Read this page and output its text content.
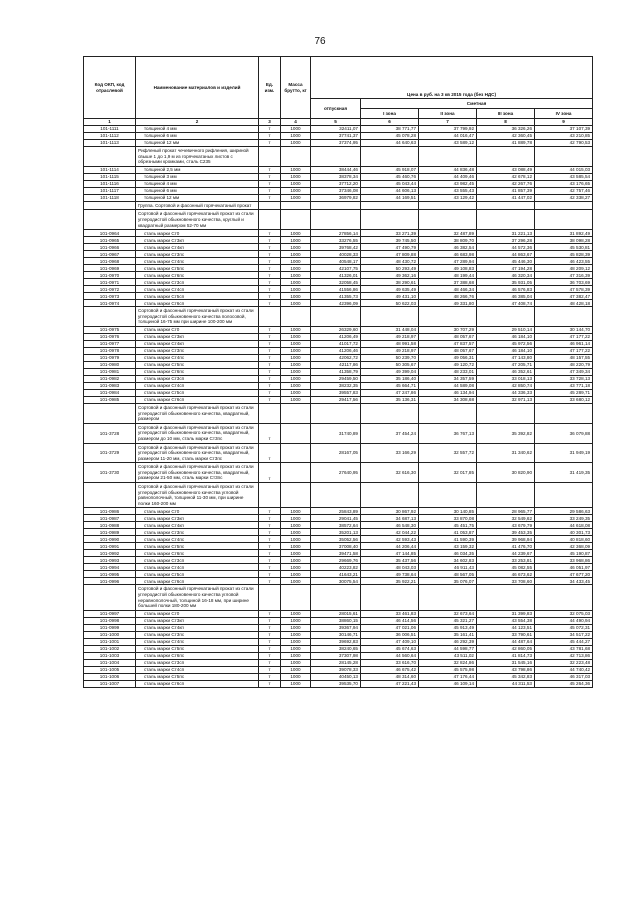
76
Код ОКП, код отраслевой	Наименование материалов и изделий	Ед. изм.	Масса брутто, кг	Цена в руб. на 3 кв 2015 года (без НДС)				
				отпускная	Сметная			
					I зона	II зона	III зона	IV зона
1	2	3	4	5	6	7	8	9
101-1111	толщиной 4 мм	т	1000	32411,07	38 771,77	37 799,92	36 326,26	37 107,39
101-1112	толщиной 6 мм	т	1000	37741,37	45 078,28	44 016,47	42 360,45	43 210,85
101-1113	толщиной 12 мм	т	1000	37374,95	44 640,63	43 589,12	41 889,78	42 790,53
	Рифленый прокат чечевичного рифления, шириной свыше 1 до 1,9 м из горячекатаных листов с обрезными кромками, сталь С235							
101-1114	толщиной 2,5 мм	т	1000	38444,46	45 918,07	44 836,48	43 088,49	44 015,03
101-1115	толщиной 3 мм	т	1000	38378,34	45 460,76	44 409,46	42 678,12	43 585,54
101-1116	толщиной 4 мм	т	1000	37712,20	45 043,44	43 982,45	42 267,76	43 176,65
101-1117	толщиной 6 мм	т	1000	37346,08	44 606,13	43 555,43	41 857,39	42 757,46
101-1118	толщиной 12 мм	т	1000	36979,82	44 169,51	43 129,42	41 447,02	42 338,27
	Группа. Сортовой и фасонный горячекатаный прокат							
	Сортовой и фасонный горячекатаный прокат из стали углеродистой обыкновенного качества, круглый и квадратный размером 52-70 мм							
101-0964	сталь марки Ст0	т	1000	27856,14	33 271,39	32 487,89	31 221,13	31 892,49
101-0965	сталь марки Ст3кп	т	1000	33276,55	39 745,50	38 809,70	37 296,28	38 098,28
101-0966	сталь марки Ст4кп	т	1000	39768,42	47 490,79	46 382,54	44 572,36	45 530,81
101-0967	сталь марки Ст3пс	т	1000	40028,33	47 809,88	46 683,98	44 863,67	45 828,39
101-0968	сталь марки Ст4пс	т	1000	40548,17	48 430,72	47 289,94	45 446,30	46 423,55
101-0969	сталь марки Ст5пс	т	1000	42107,75	50 293,49	49 108,83	47 194,28	48 209,12
101-0970	сталь марки Ст6пс	т	1000	41326,01	49 362,16	48 199,44	46 320,34	47 316,39
101-0971	сталь марки Ст3сп	т	1000	32058,45	38 290,61	37 388,68	35 931,05	36 703,69
101-0972	сталь марки Ст4сп	т	1000	41556,86	49 635,49	48 466,34	46 576,83	47 578,39
101-0973	сталь марки Ст5сп	т	1000	41355,73	49 431,10	48 266,76	46 385,04	47 382,47
101-0974	сталь марки Ст6сп	т	1000	42396,09	50 622,03	49 331,80	47 408,74	48 428,18
	Сортовой и фасонный горячекатаный прокат из стали углеродистой обыкновенного качества полосовой, толщиной 16-75 мм при ширине 100-200 мм							
101-0975	сталь марки Ст0	т	1000	26329,60	31 448,04	30 707,29	29 510,14	30 144,70
101-0976	сталь марки Ст3кп	т	1000	41206,49	49 218,97	48 057,67	46 184,10	47 177,22
101-0977	сталь марки Ст4кп	т	1000	41017,72	48 991,58	47 837,57	45 972,56	46 961,14
101-0978	сталь марки Ст3пс	т	1000	41206,46	49 218,97	48 057,67	46 184,10	47 177,22
101-0979	сталь марки Ст4пс	т	1000	42062,72	50 239,70	49 056,31	47 143,80	48 157,55
101-0980	сталь марки Ст5пс	т	1000	42117,86	50 305,67	49 120,72	47 205,71	48 220,79
101-0981	сталь марки Ст6пс	т	1000	41358,79	49 399,04	48 233,01	46 352,61	47 349,34
101-0982	сталь марки Ст3сп	т	1000	29459,50	35 186,40	34 357,59	33 018,13	33 728,13
101-0983	сталь марки Ст4сп	т	1000	38232,35	45 664,71	44 589,08	42 850,74	43 771,18
101-0984	сталь марки Ст5сп	т	1000	39557,83	47 247,86	46 134,94	44 336,33	45 289,71
101-0985	сталь марки Ст6сп	т	1000	29417,56	35 136,31	34 308,68	32 971,13	33 680,12
	Сортовой и фасонный горячекатаный прокат из стали углеродистой обыкновенного качества, квадратный, размером							
101-3728	Сортовой и фасонный горячекатаный прокат из стали углеродистой обыкновенного качества, квадратный, размером до 10 мм, сталь марки Ст3пс	т		31740,89	37 454,24	36 767,13	35 392,82	36 079,88
101-3729	Сортовой и фасонный горячекатаный прокат из стали углеродистой обыкновенного качества, квадратный, размером 11-20 мм, сталь марки Ст3пс	т		28167,05	33 166,29	32 557,72	31 340,62	31 949,19
101-3730	Сортовой и фасонный горячекатаный прокат из стали углеродистой обыкновенного качества, квадратный, размером 21-50 мм, сталь марки Ст3пс	т		27640,95	32 616,30	32 017,85	30 820,90	31 419,35
	Сортовой и фасонный горячекатаный прокат из стали углеродистой обыкновенного качества угловой равнополочный, толщиной 11-30 мм, при ширине полки 160-200 мм							
101-0986	сталь марки Ст0	т	1000	25843,89	30 867,92	30 140,85	28 965,77	29 586,63
101-0987	сталь марки Ст3кп	т	1000	29041,45	34 687,13	33 870,08	32 549,62	33 249,35
101-0988	сталь марки Ст4кп	т	1000	38572,64	46 548,30	45 451,75	43 679,79	44 618,08
101-0989	сталь марки Ст3пс	т	1000	35201,13	42 044,22	41 053,87	39 453,35	40 301,73
101-0990	сталь марки Ст4пс	т	1000	35052,56	42 593,43	41 590,39	39 968,94	40 818,60
101-0991	сталь марки Ст5пс	т	1000	37008,40	44 206,44	43 159,32	41 476,70	42 368,09
101-0992	сталь марки Ст6пс	т	1000	39471,58	47 144,85	46 034,35	44 239,67	45 190,87
101-0993	сталь марки Ст3сп	т	1000	29669,76	35 437,56	34 602,83	33 253,81	33 968,86
101-0994	сталь марки Ст4сп	т	1000	40223,82	48 043,03	46 911,43	45 082,55	46 051,97
101-0995	сталь марки Ст5сп	т	1000	41643,21	49 738,64	48 567,05	46 673,62	47 677,20
101-0996	сталь марки Ст6сп	т	1000	30075,54	35 922,21	35 076,07	33 708,60	34 433,45
	Сортовой и фасонный горячекатаный прокат из стали углеродистой обыкновенного качества угловой неравнополочный, толщиной 16-18 мм, при ширине большей полки 180-200 мм							
101-0997	сталь марки Ст0	т	1000	28015,61	33 461,83	32 673,64	31 399,83	32 075,03
101-0998	сталь марки Ст3кп	т	1000	38860,15	46 414,56	45 321,27	43 554,38	44 490,94
101-0999	сталь марки Ст4кп	т	1000	39367,94	47 021,06	45 913,49	44 123,51	45 072,31
101-1000	сталь марки Ст3пс	т	1000	30146,71	36 006,51	35 161,41	33 790,61	34 517,22
101-1001	сталь марки Ст4пс	т	1000	39692,83	47 409,10	46 292,39	44 487,64	45 444,27
101-1002	сталь марки Ст5пс	т	1000	38240,65	45 674,63	44 598,77	42 860,05	43 781,68
101-1003	сталь марки Ст6пс	т	1000	37307,98	44 560,64	43 511,02	41 814,73	42 713,86
101-1004	сталь марки Ст3сп	т	1000	28145,28	33 616,70	32 824,86	31 545,16	32 223,48
101-1005	сталь марки Ст4сп	т	1000	39078,33	46 675,42	45 575,98	43 798,86	44 740,42
101-1006	сталь марки Ст5пс	т	1000	40450,13	48 314,60	47 176,44	45 342,83	46 317,03
101-1007	сталь марки Ст6сп	т	1000	39535,70	47 221,43	46 109,14	44 311,53	45 264,36
